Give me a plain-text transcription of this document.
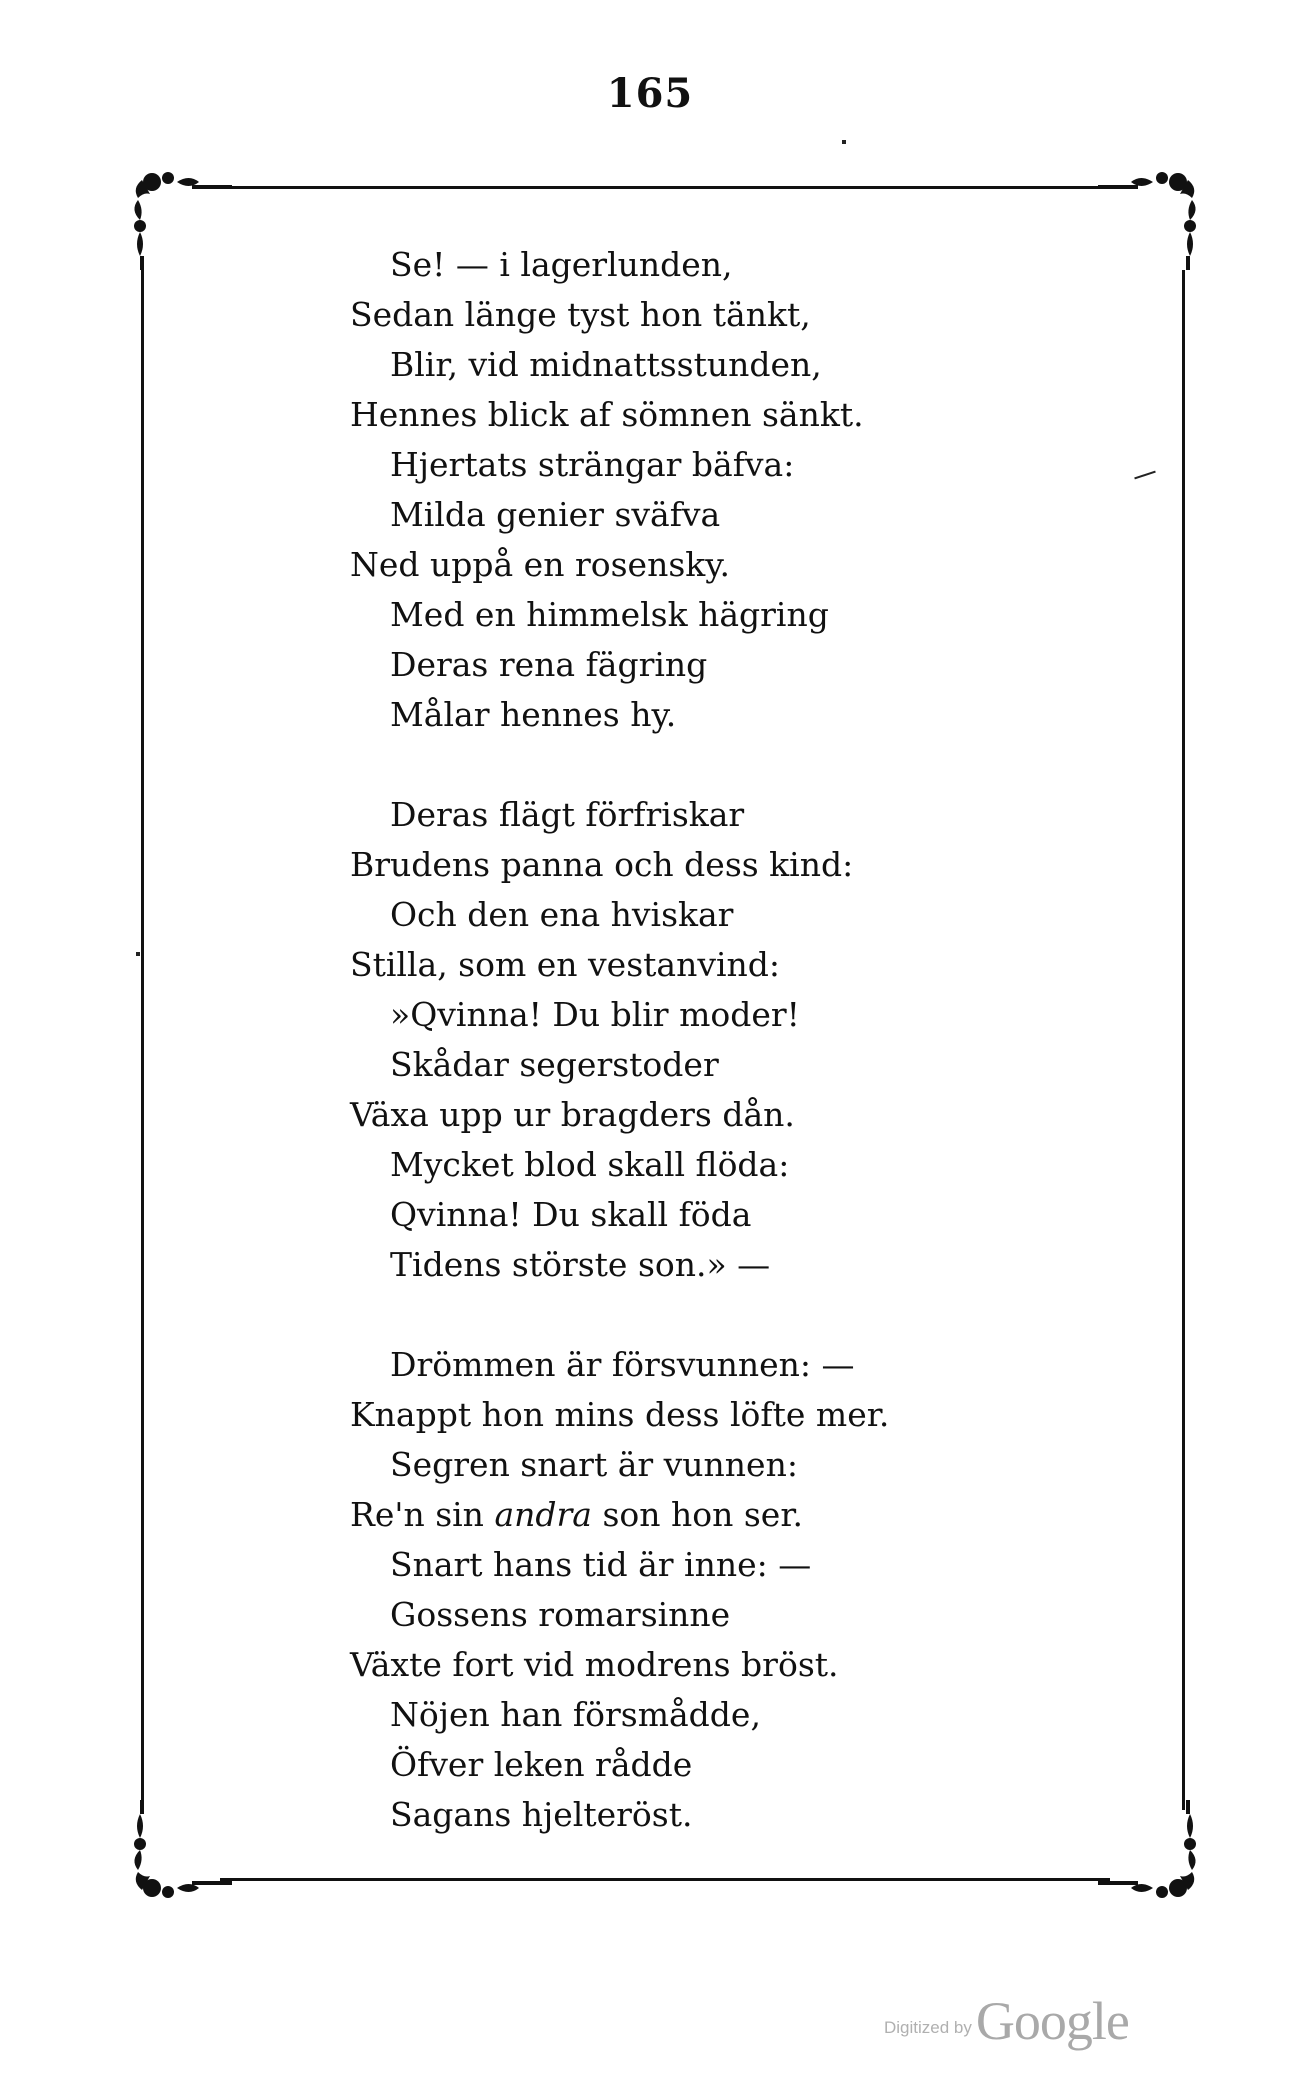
165
Se! — i lagerlunden,
Sedan länge tyst hon tänkt,
Blir, vid midnattsstunden,
Hennes blick af sömnen sänkt.
Hjertats strängar bäfva:
Milda genier sväfva
Ned uppå en rosensky.
Med en himmelsk hägring
Deras rena fägring
Målar hennes hy.
Deras flägt förfriskar
Brudens panna och dess kind:
Och den ena hviskar
Stilla, som en vestanvind:
»Qvinna! Du blir moder!
Skådar segerstoder
Växa upp ur bragders dån.
Mycket blod skall flöda:
Qvinna! Du skall föda
Tidens störste son.» —
Drömmen är försvunnen: —
Knappt hon mins dess löfte mer.
Segren snart är vunnen:
Re'n sin andra son hon ser.
Snart hans tid är inne: —
Gossens romarsinne
Växte fort vid modrens bröst.
Nöjen han försmådde,
Öfver leken rådde
Sagans hjelteröst.
Digitized byGoogle
